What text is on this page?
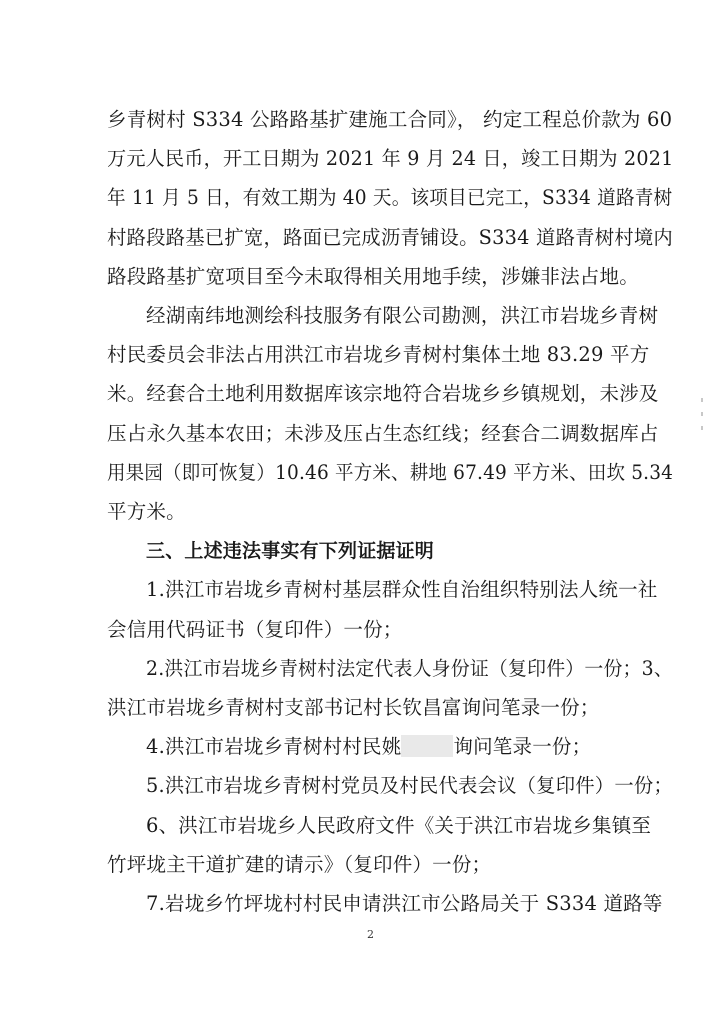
乡青树村 S334 公路路基扩建施工合同》， 约定工程总价款为 60
万元人民币，开工日期为 2021 年 9 月 24 日，竣工日期为 2021
年 11 月 5 日，有效工期为 40 天。该项目已完工，S334 道路青树
村路段路基已扩宽，路面已完成沥青铺设。S334 道路青树村境内
路段路基扩宽项目至今未取得相关用地手续，涉嫌非法占地。
经湖南纬地测绘科技服务有限公司勘测，洪江市岩垅乡青树
村民委员会非法占用洪江市岩垅乡青树村集体土地 83.29 平方
米。经套合土地利用数据库该宗地符合岩垅乡乡镇规划，未涉及
压占永久基本农田；未涉及压占生态红线；经套合二调数据库占
用果园（即可恢复）10.46 平方米、耕地 67.49 平方米、田坎 5.34
平方米。
三、上述违法事实有下列证据证明
1.洪江市岩垅乡青树村基层群众性自治组织特别法人统一社
会信用代码证书（复印件）一份；
2.洪江市岩垅乡青树村法定代表人身份证（复印件）一份；3、
洪江市岩垅乡青树村支部书记村长钦昌富询问笔录一份；
4.洪江市岩垅乡青树村村民姚	询问笔录一份；
5.洪江市岩垅乡青树村党员及村民代表会议（复印件）一份；
6、洪江市岩垅乡人民政府文件《关于洪江市岩垅乡集镇至
竹坪垅主干道扩建的请示》（复印件）一份；
7.岩垅乡竹坪垅村村民申请洪江市公路局关于 S334 道路等
2
